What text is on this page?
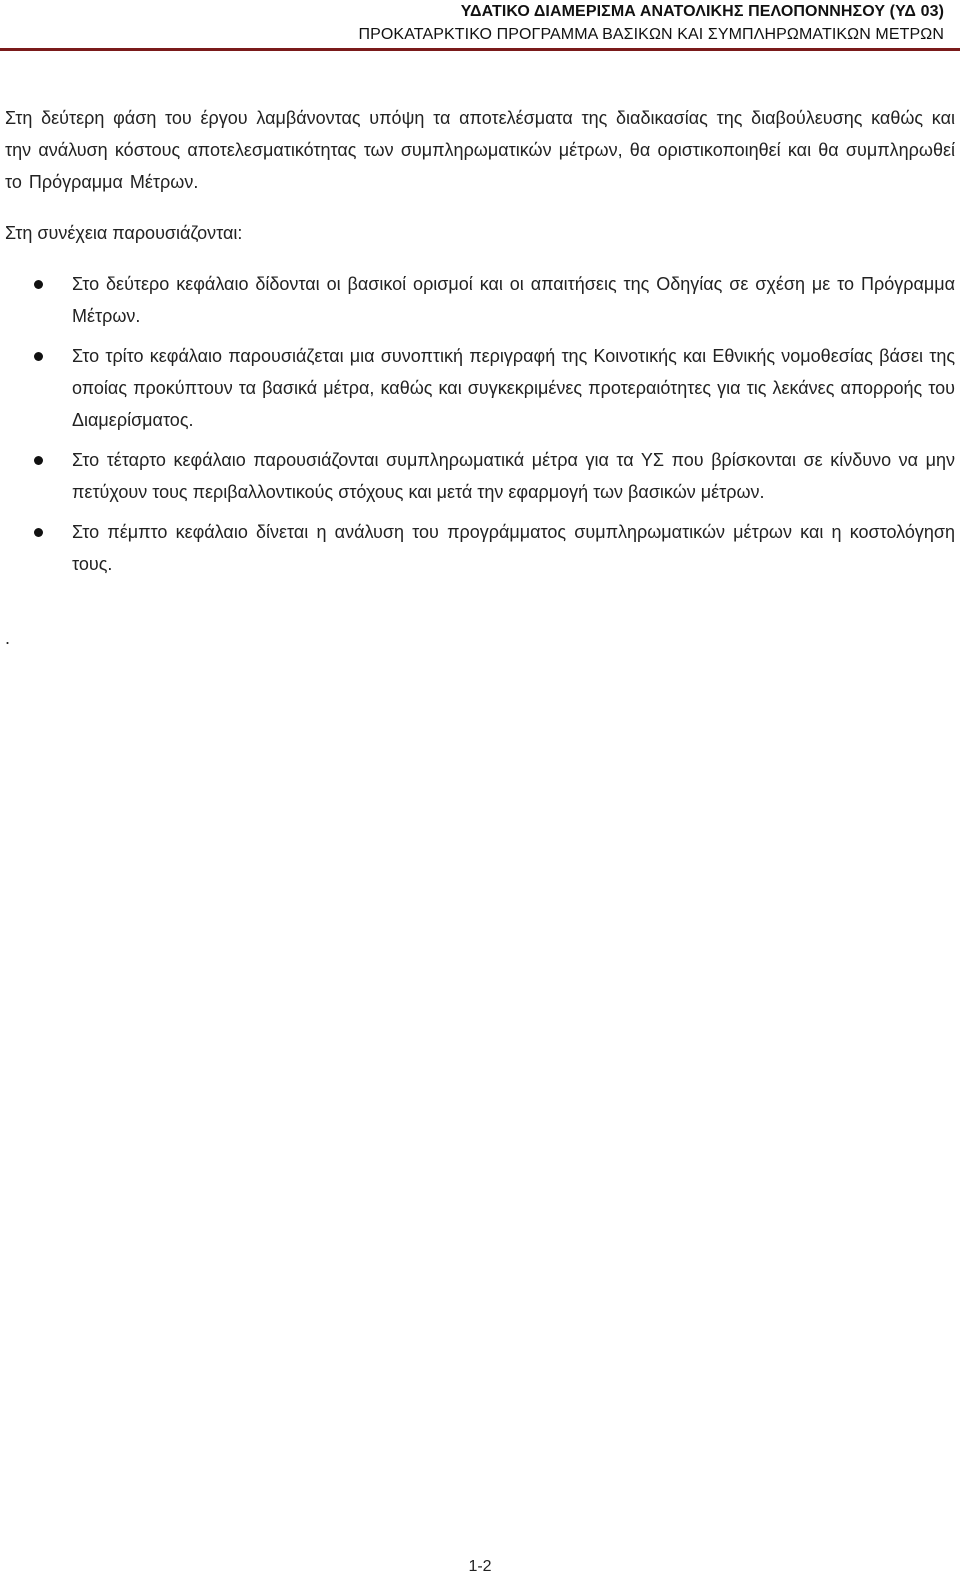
ΥΔΑΤΙΚΟ ΔΙΑΜΕΡΙΣΜΑ ΑΝΑΤΟΛΙΚΗΣ ΠΕΛΟΠΟΝΝΗΣΟΥ (ΥΔ 03)
ΠΡΟΚΑΤΑΡΚΤΙΚΟ ΠΡΟΓΡΑΜΜΑ ΒΑΣΙΚΩΝ ΚΑΙ ΣΥΜΠΛΗΡΩΜΑΤΙΚΩΝ ΜΕΤΡΩΝ

Στη δεύτερη φάση του έργου λαμβάνοντας υπόψη τα αποτελέσματα της διαδικασίας της διαβούλευσης καθώς και την ανάλυση κόστους αποτελεσματικότητας των συμπληρωματικών μέτρων, θα οριστικοποιηθεί και θα συμπληρωθεί το Πρόγραμμα Μέτρων.

Στη συνέχεια παρουσιάζονται:

Στο δεύτερο κεφάλαιο δίδονται οι βασικοί ορισμοί και οι απαιτήσεις της Οδηγίας σε σχέση με το Πρόγραμμα Μέτρων.
Στο τρίτο κεφάλαιο παρουσιάζεται μια συνοπτική περιγραφή της Κοινοτικής και Εθνικής νομοθεσίας βάσει της οποίας προκύπτουν τα βασικά μέτρα, καθώς και συγκεκριμένες προτεραιότητες για τις λεκάνες απορροής του Διαμερίσματος.
Στο τέταρτο κεφάλαιο παρουσιάζονται συμπληρωματικά μέτρα για τα ΥΣ που βρίσκονται σε κίνδυνο να μην πετύχουν τους περιβαλλοντικούς στόχους και μετά την εφαρμογή των βασικών μέτρων.
Στο πέμπτο κεφάλαιο δίνεται η ανάλυση του προγράμματος συμπληρωματικών μέτρων και η κοστολόγηση τους.
.
1-2
